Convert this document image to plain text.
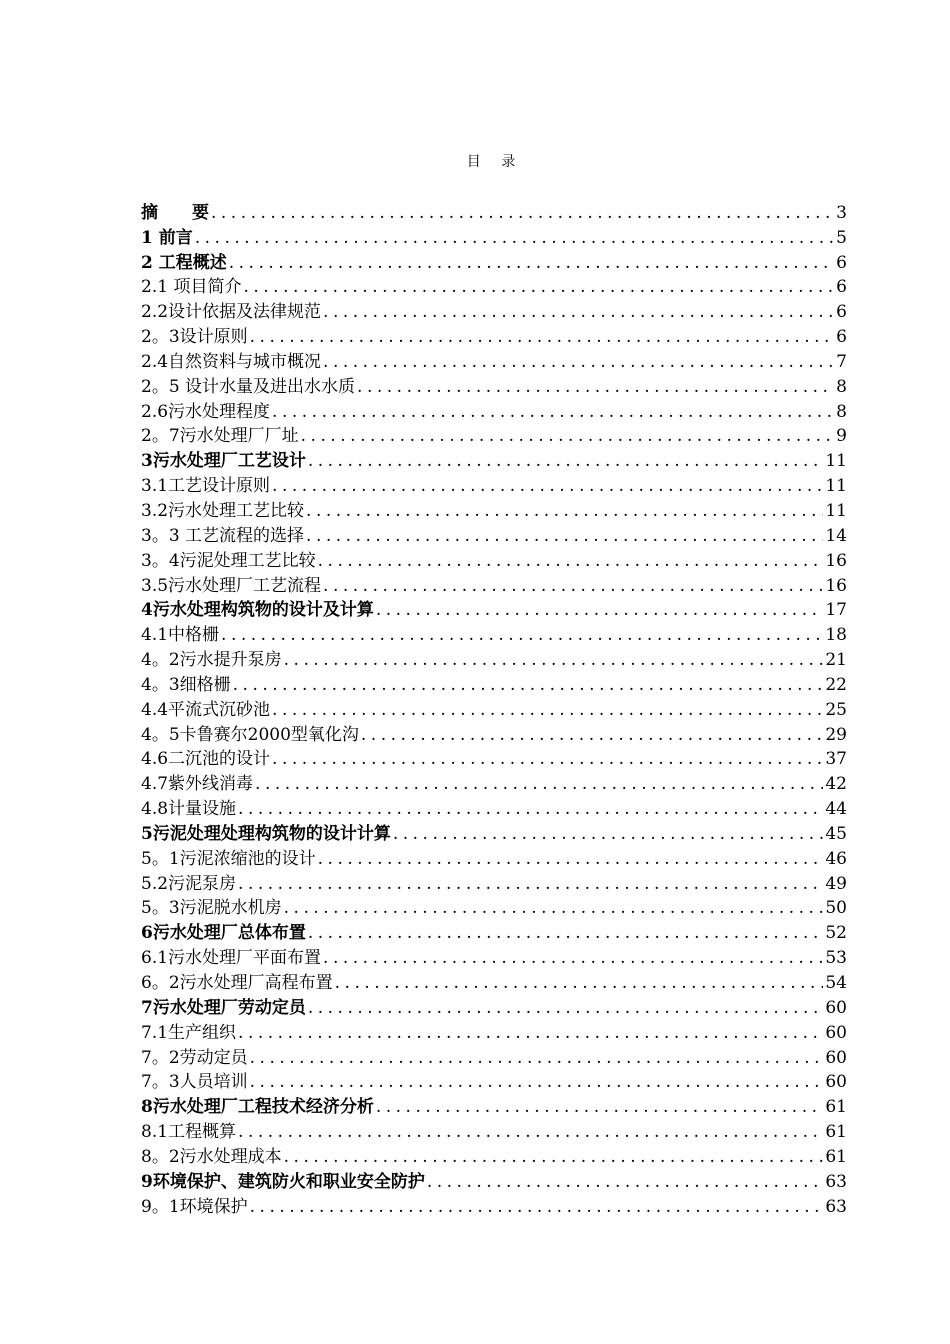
目 录
摘　　要 .....	3
1 前言 .....	5
2 工程概述 .....	6
2.1 项目简介 .....	6
2.2设计依据及法律规范 .....	6
2。3设计原则 .....	6
2.4自然资料与城市概况 .....	7
2。5 设计水量及进出水水质 .....	8
2.6污水处理程度 .....	8
2。7污水处理厂厂址 .....	9
3污水处理厂工艺设计 .....	11
3.1工艺设计原则 .....	11
3.2污水处理工艺比较 .....	11
3。3 工艺流程的选择 .....	14
3。4污泥处理工艺比较 .....	16
3.5污水处理厂工艺流程 .....	16
4污水处理构筑物的设计及计算 .....	17
4.1中格栅 .....	18
4。2污水提升泵房 .....	21
4。3细格栅 .....	22
4.4平流式沉砂池 .....	25
4。5卡鲁赛尔2000型氧化沟 .....	29
4.6二沉池的设计 .....	37
4.7紫外线消毒 .....	42
4.8计量设施 .....	44
5污泥处理处理构筑物的设计计算 .....	45
5。1污泥浓缩池的设计 .....	46
5.2污泥泵房 .....	49
5。3污泥脱水机房 .....	50
6污水处理厂总体布置 .....	52
6.1污水处理厂平面布置 .....	53
6。2污水处理厂高程布置 .....	54
7污水处理厂劳动定员 .....	60
7.1生产组织 .....	60
7。2劳动定员 .....	60
7。3人员培训 .....	60
8污水处理厂工程技术经济分析 .....	61
8.1工程概算 .....	61
8。2污水处理成本 .....	61
9环境保护、建筑防火和职业安全防护 .....	63
9。1环境保护 .....	63
